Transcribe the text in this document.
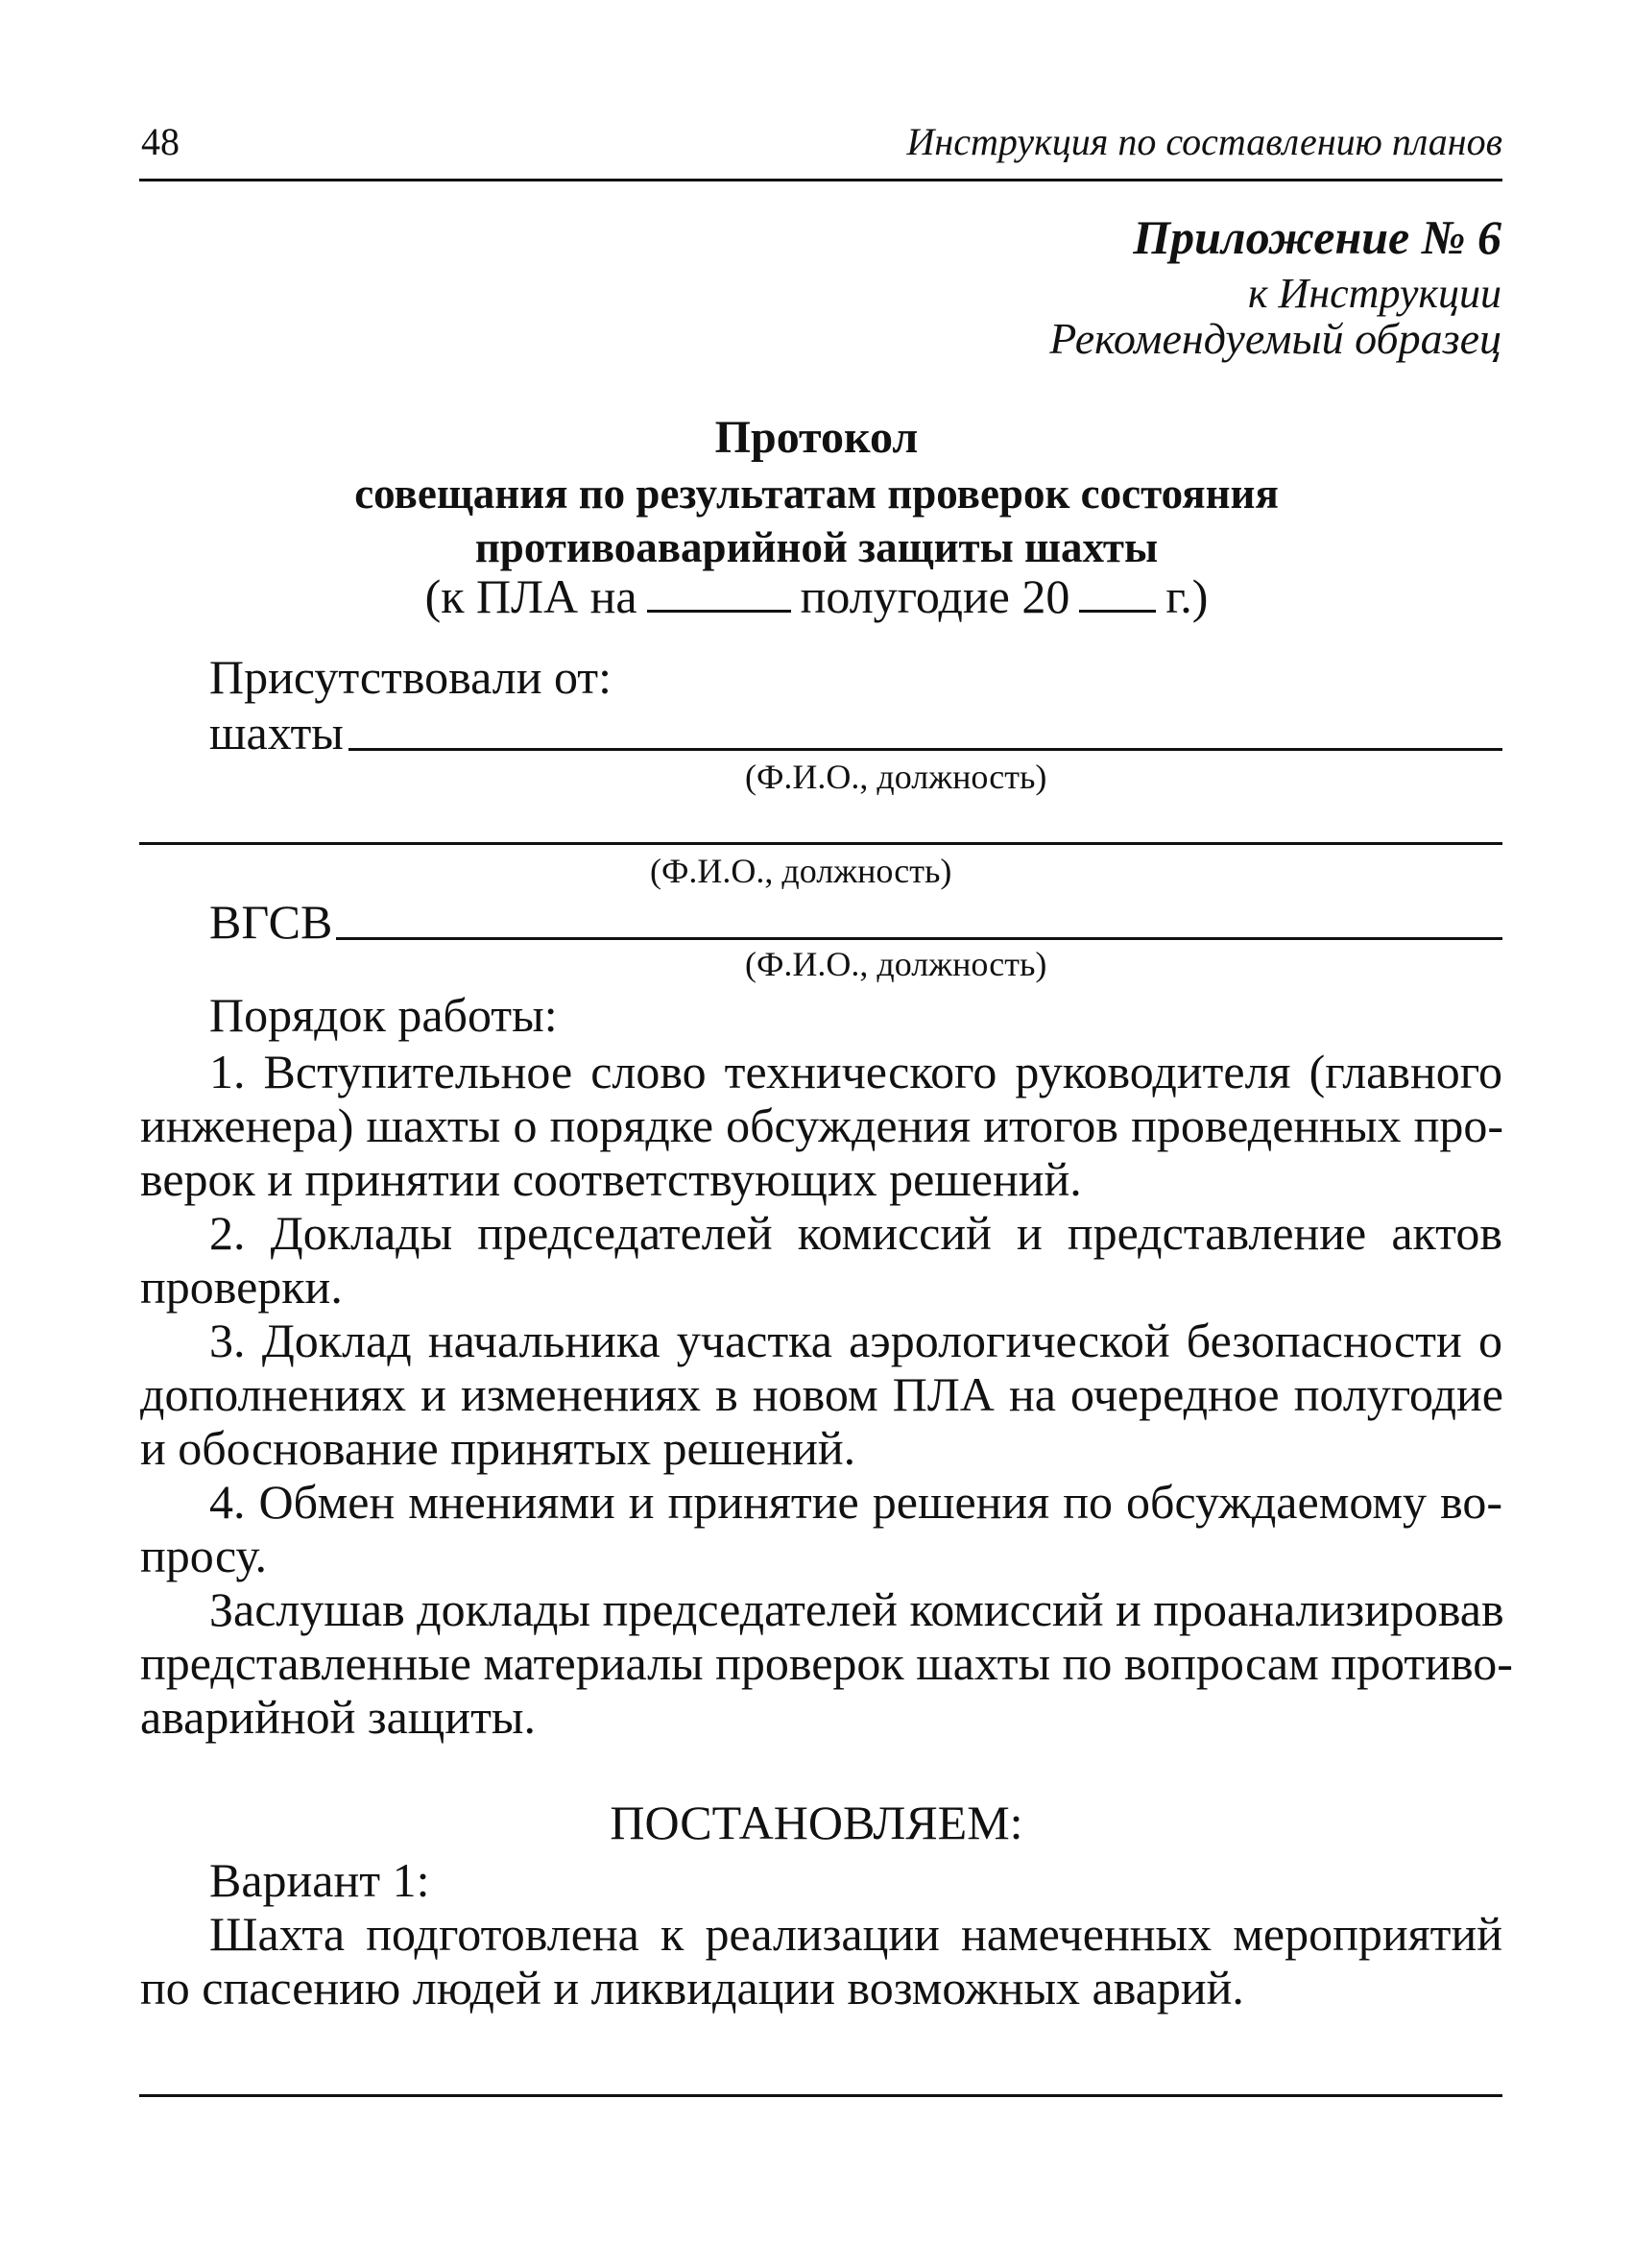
48	Инструкция по составлению планов
Приложение № 6
к Инструкции
Рекомендуемый образец
Протокол
совещания по результатам проверок состояния
противоаварийной защиты шахты
(к ПЛА на	полугодие 20 г.)
Присутствовали от:
шахты
(Ф.И.О., должность)
(Ф.И.О., должность)
ВГСВ
(Ф.И.О., должность)
Порядок работы:
1. Вступительное слово технического руководителя (главного
инженера) шахты о порядке обсуждения итогов проведенных про-
верок и принятии соответствующих решений.
2. Доклады председателей комиссий и представление актов
проверки.
3. Доклад начальника участка аэрологической безопасности о
дополнениях и изменениях в новом ПЛА на очередное полугодие
и обоснование принятых решений.
4. Обмен мнениями и принятие решения по обсуждаемому во-
просу.
Заслушав доклады председателей комиссий и проанализировав
представленные материалы проверок шахты по вопросам противо-
аварийной защиты.
ПОСТАНОВЛЯЕМ:
Вариант 1:
Шахта подготовлена к реализации намеченных мероприятий
по спасению людей и ликвидации возможных аварий.
